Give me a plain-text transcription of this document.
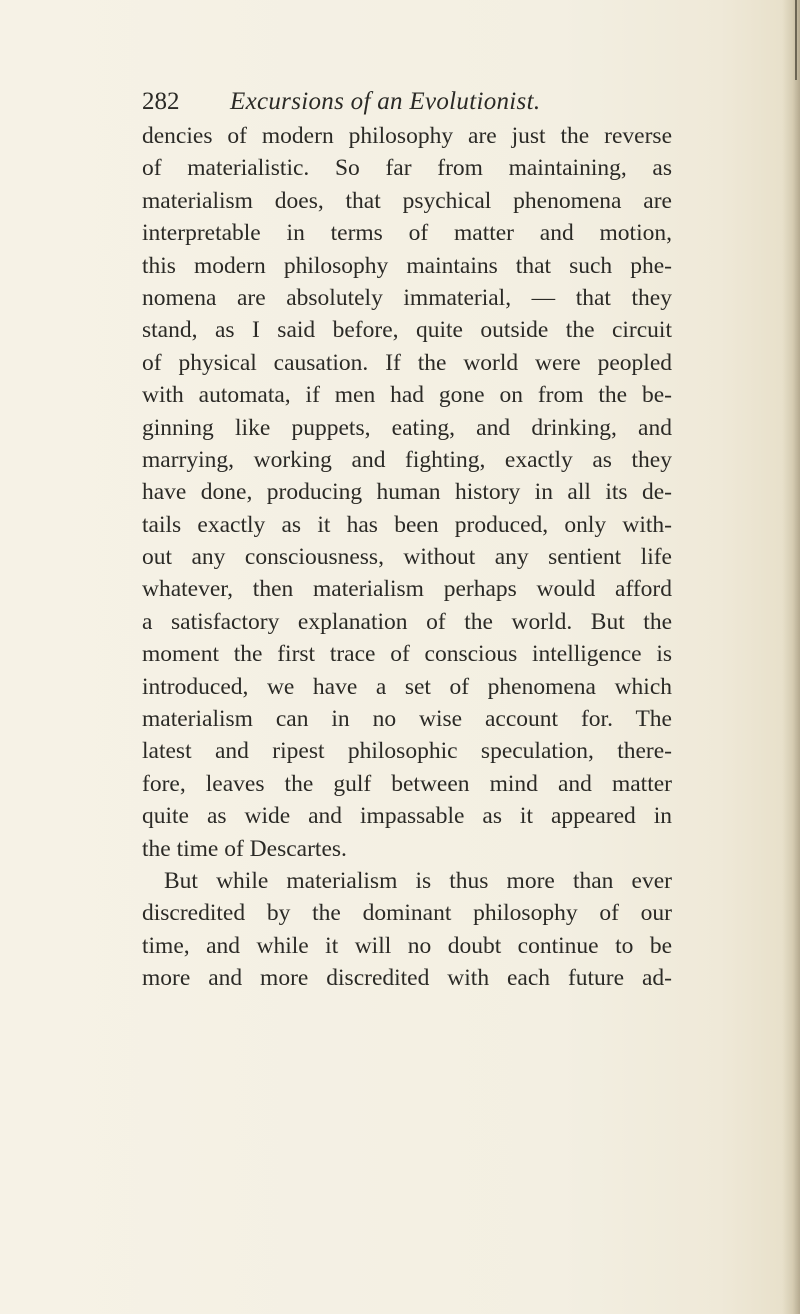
282 Excursions of an Evolutionist.
dencies of modern philosophy are just the reverse
of materialistic. So far from maintaining, as
materialism does, that psychical phenomena are
interpretable in terms of matter and motion,
this modern philosophy maintains that such phe-
nomena are absolutely immaterial, — that they
stand, as I said before, quite outside the circuit
of physical causation. If the world were peopled
with automata, if men had gone on from the be-
ginning like puppets, eating, and drinking, and
marrying, working and fighting, exactly as they
have done, producing human history in all its de-
tails exactly as it has been produced, only with-
out any consciousness, without any sentient life
whatever, then materialism perhaps would afford
a satisfactory explanation of the world. But the
moment the first trace of conscious intelligence is
introduced, we have a set of phenomena which
materialism can in no wise account for. The
latest and ripest philosophic speculation, there-
fore, leaves the gulf between mind and matter
quite as wide and impassable as it appeared in
the time of Descartes.
But while materialism is thus more than ever
discredited by the dominant philosophy of our
time, and while it will no doubt continue to be
more and more discredited with each future ad-
